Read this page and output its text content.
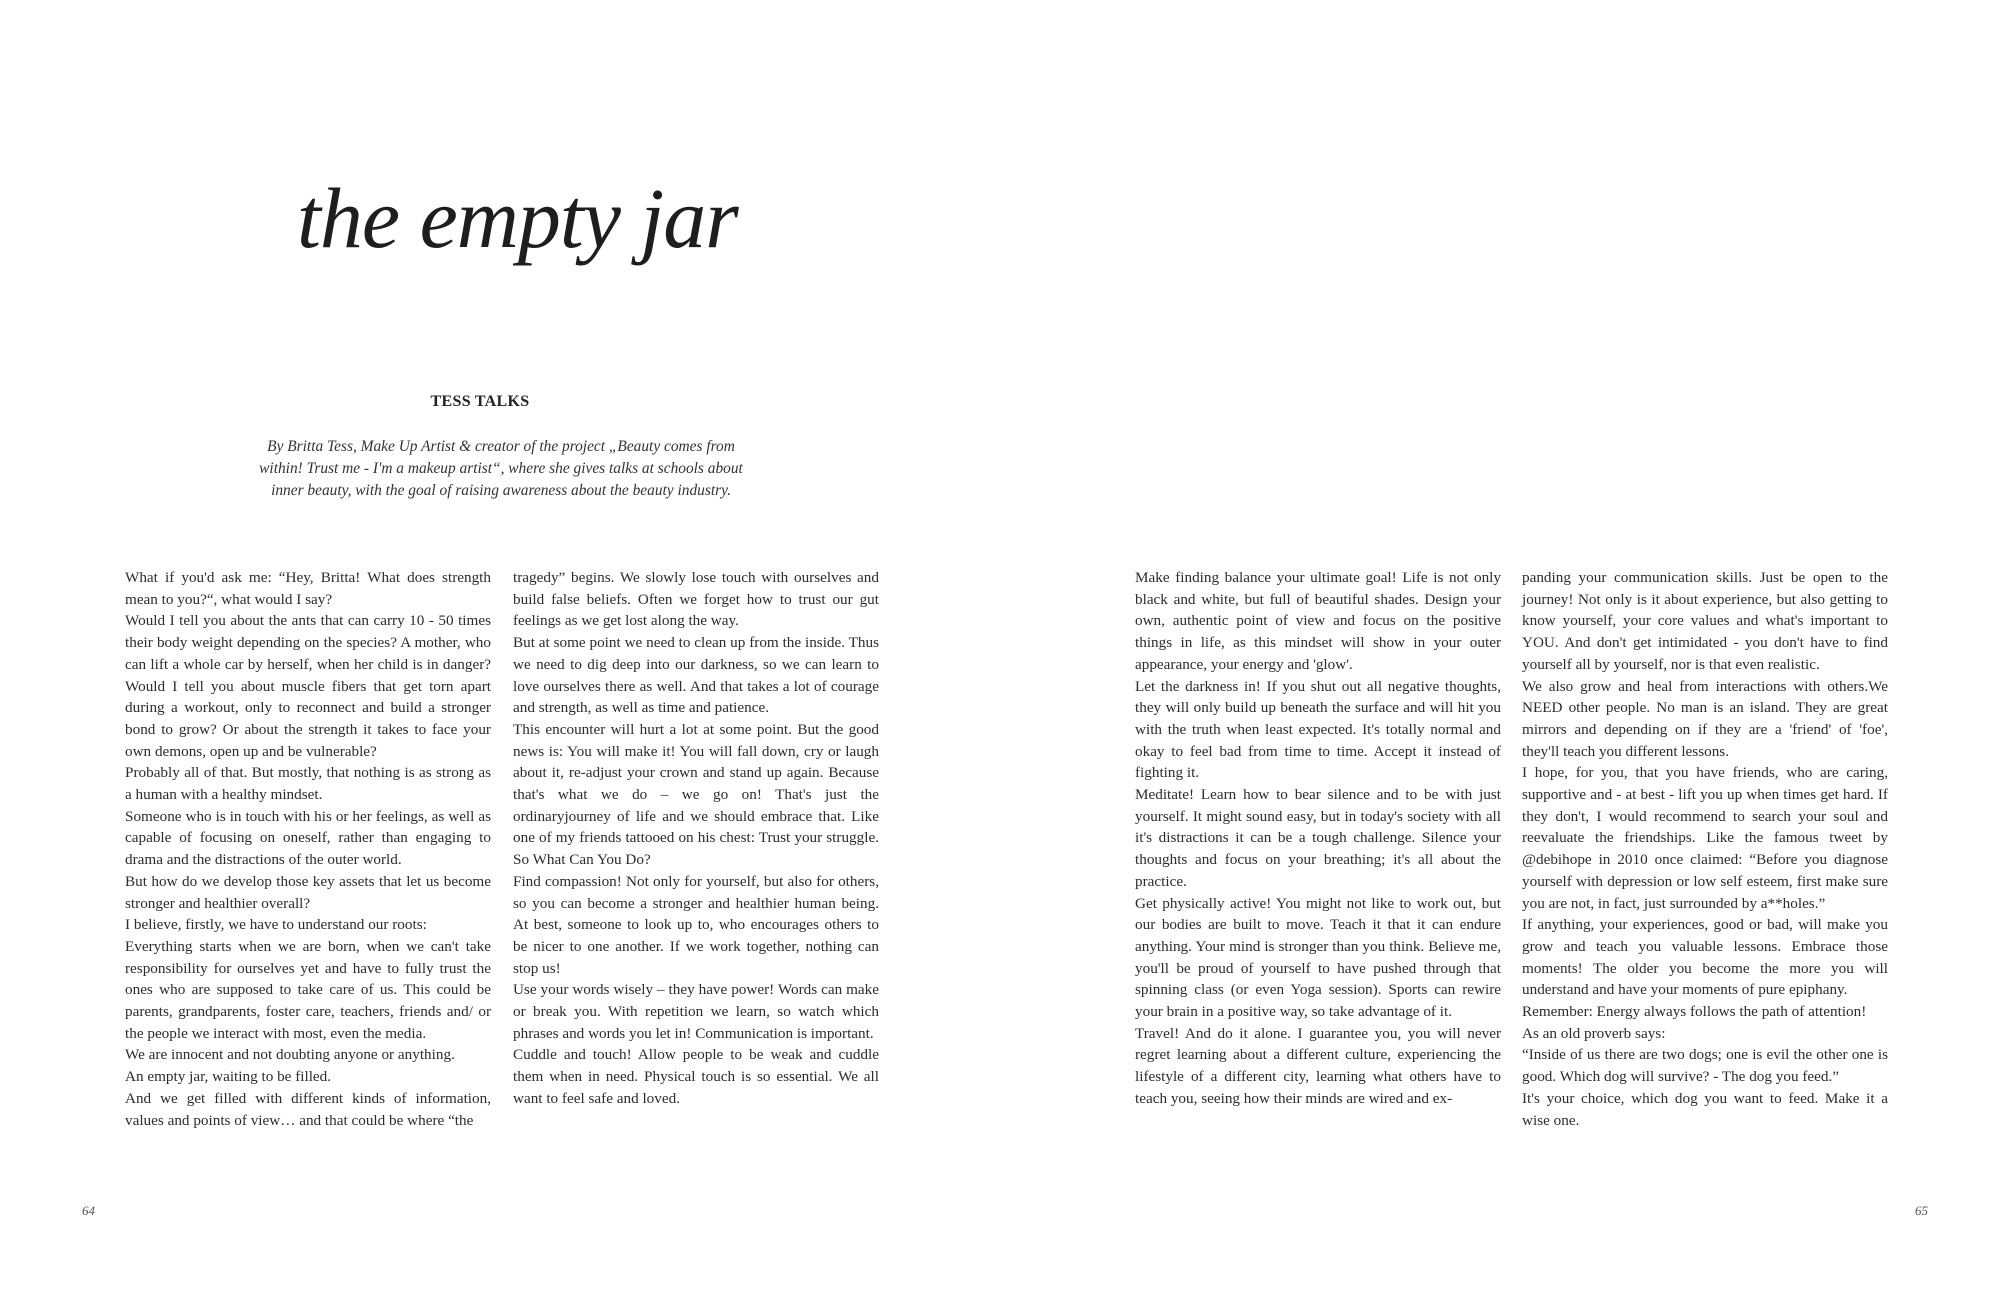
the empty jar
TESS TALKS

By Britta Tess, Make Up Artist & creator of the project „Beauty comes from within! Trust me - I'm a makeup artist“, where she gives talks at schools about inner beauty, with the goal of raising awareness about the beauty industry.

What if you'd ask me: “Hey, Britta! What does strength mean to you?“, what would I say?

Would I tell you about the ants that can carry 10 - 50 times their body weight depending on the species? A mother, who can lift a whole car by herself, when her child is in danger? Would I tell you about muscle fibers that get torn apart during a workout, only to reconnect and build a stronger bond to grow? Or about the strength it takes to face your own demons, open up and be vulnerable?

Probably all of that. But mostly, that nothing is as strong as a human with a healthy mindset.

Someone who is in touch with his or her feelings, as well as capable of focusing on oneself, rather than engaging to drama and the distractions of the outer world.

But how do we develop those key assets that let us become stronger and healthier overall?

I believe, firstly, we have to understand our roots:

Everything starts when we are born, when we can't take responsibility for ourselves yet and have to fully trust the ones who are supposed to take care of us. This could be parents, grandparents, foster care, teachers, friends and/ or the people we interact with most, even the media.

We are innocent and not doubting anyone or anything.

An empty jar, waiting to be filled.

And we get filled with different kinds of information, values and points of view… and that could be where “the

tragedy” begins. We slowly lose touch with ourselves and build false beliefs. Often we forget how to trust our gut feelings as we get lost along the way.

But at some point we need to clean up from the inside. Thus we need to dig deep into our darkness, so we can learn to love ourselves there as well. And that takes a lot of courage and strength, as well as time and patience.

This encounter will hurt a lot at some point. But the good news is: You will make it! You will fall down, cry or laugh about it, re-adjust your crown and stand up again. Because that's what we do – we go on! That's just the ordinaryjourney of life and we should embrace that. Like one of my friends tattooed on his chest: Trust your struggle. So What Can You Do?

Find compassion! Not only for yourself, but also for others, so you can become a stronger and healthier human being. At best, someone to look up to, who encourages others to be nicer to one another. If we work together, nothing can stop us!

Use your words wisely – they have power! Words can make or break you. With repetition we learn, so watch which phrases and words you let in! Communication is important.

Cuddle and touch! Allow people to be weak and cuddle them when in need. Physical touch is so essential. We all want to feel safe and loved.

Make finding balance your ultimate goal! Life is not only black and white, but full of beautiful shades. Design your own, authentic point of view and focus on the positive things in life, as this mindset will show in your outer appearance, your energy and 'glow'.

Let the darkness in! If you shut out all negative thoughts, they will only build up beneath the surface and will hit you with the truth when least expected. It's totally normal and okay to feel bad from time to time. Accept it instead of fighting it.

Meditate! Learn how to bear silence and to be with just yourself. It might sound easy, but in today's society with all it's distractions it can be a tough challenge. Silence your thoughts and focus on your breathing; it's all about the practice.

Get physically active! You might not like to work out, but our bodies are built to move. Teach it that it can endure anything. Your mind is stronger than you think. Believe me, you'll be proud of yourself to have pushed through that spinning class (or even Yoga session). Sports can rewire your brain in a positive way, so take advantage of it.

Travel! And do it alone. I guarantee you, you will never regret learning about a different culture, experiencing the lifestyle of a different city, learning what others have to teach you, seeing how their minds are wired and ex-

panding your communication skills. Just be open to the journey! Not only is it about experience, but also getting to know yourself, your core values and what's important to YOU. And don't get intimidated - you don't have to find yourself all by yourself, nor is that even realistic.

We also grow and heal from interactions with others.We NEED other people. No man is an island. They are great mirrors and depending on if they are a 'friend' of 'foe', they'll teach you different lessons.

I hope, for you, that you have friends, who are caring, supportive and - at best - lift you up when times get hard. If they don't, I would recommend to search your soul and reevaluate the friendships. Like the famous tweet by @debihope in 2010 once claimed: “Before you diagnose yourself with depression or low self esteem, first make sure you are not, in fact, just surrounded by a**holes.”

If anything, your experiences, good or bad, will make you grow and teach you valuable lessons. Embrace those moments! The older you become the more you will understand and have your moments of pure epiphany.

Remember: Energy always follows the path of attention!

As an old proverb says:

“Inside of us there are two dogs; one is evil the other one is good. Which dog will survive? - The dog you feed.”

It's your choice, which dog you want to feed. Make it a wise one.

64	65
